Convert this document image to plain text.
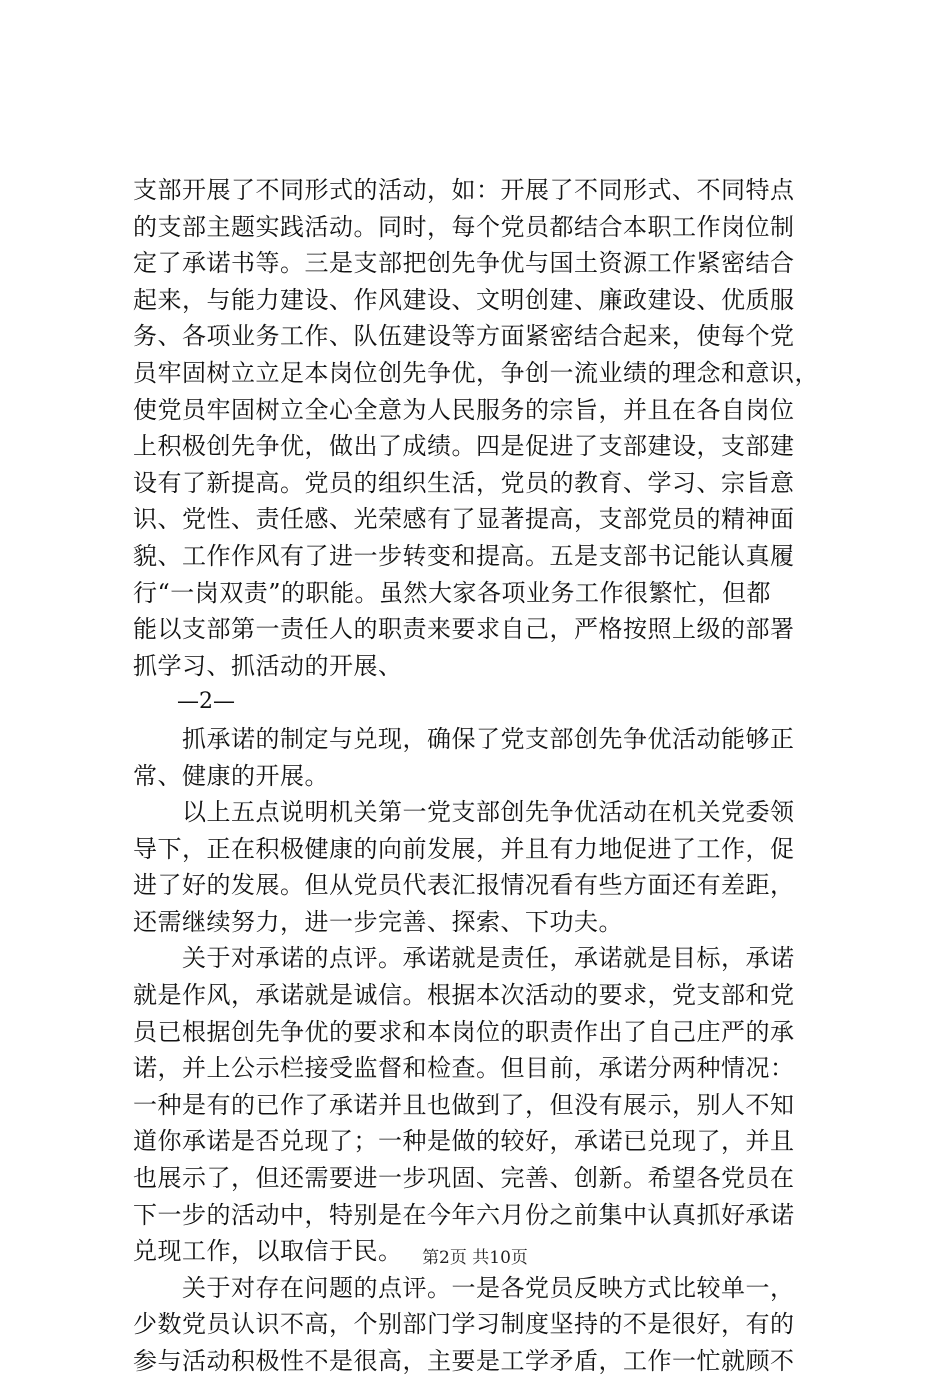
支部开展了不同形式的活动，如：开展了不同形式、不同特点
的支部主题实践活动。同时，每个党员都结合本职工作岗位制
定了承诺书等。三是支部把创先争优与国土资源工作紧密结合
起来，与能力建设、作风建设、文明创建、廉政建设、优质服
务、各项业务工作、队伍建设等方面紧密结合起来，使每个党
员牢固树立立足本岗位创先争优，争创一流业绩的理念和意识，
使党员牢固树立全心全意为人民服务的宗旨，并且在各自岗位
上积极创先争优，做出了成绩。四是促进了支部建设，支部建
设有了新提高。党员的组织生活，党员的教育、学习、宗旨意
识、党性、责任感、光荣感有了显著提高，支部党员的精神面
貌、工作作风有了进一步转变和提高。五是支部书记能认真履
行“一岗双责”的职能。虽然大家各项业务工作很繁忙，但都
能以支部第一责任人的职责来要求自己，严格按照上级的部署
抓学习、抓活动的开展、
—2—
　　抓承诺的制定与兑现，确保了党支部创先争优活动能够正
常、健康的开展。
　　以上五点说明机关第一党支部创先争优活动在机关党委领
导下，正在积极健康的向前发展，并且有力地促进了工作，促
进了好的发展。但从党员代表汇报情况看有些方面还有差距，
还需继续努力，进一步完善、探索、下功夫。
　　关于对承诺的点评。承诺就是责任，承诺就是目标，承诺
就是作风，承诺就是诚信。根据本次活动的要求，党支部和党
员已根据创先争优的要求和本岗位的职责作出了自己庄严的承
诺，并上公示栏接受监督和检查。但目前，承诺分两种情况：
一种是有的已作了承诺并且也做到了，但没有展示，别人不知
道你承诺是否兑现了；一种是做的较好，承诺已兑现了，并且
也展示了，但还需要进一步巩固、完善、创新。希望各党员在
下一步的活动中，特别是在今年六月份之前集中认真抓好承诺
兑现工作，以取信于民。
　　关于对存在问题的点评。一是各党员反映方式比较单一，
少数党员认识不高，个别部门学习制度坚持的不是很好，有的
参与活动积极性不是很高，主要是工学矛盾，工作一忙就顾不
第2页 共10页
